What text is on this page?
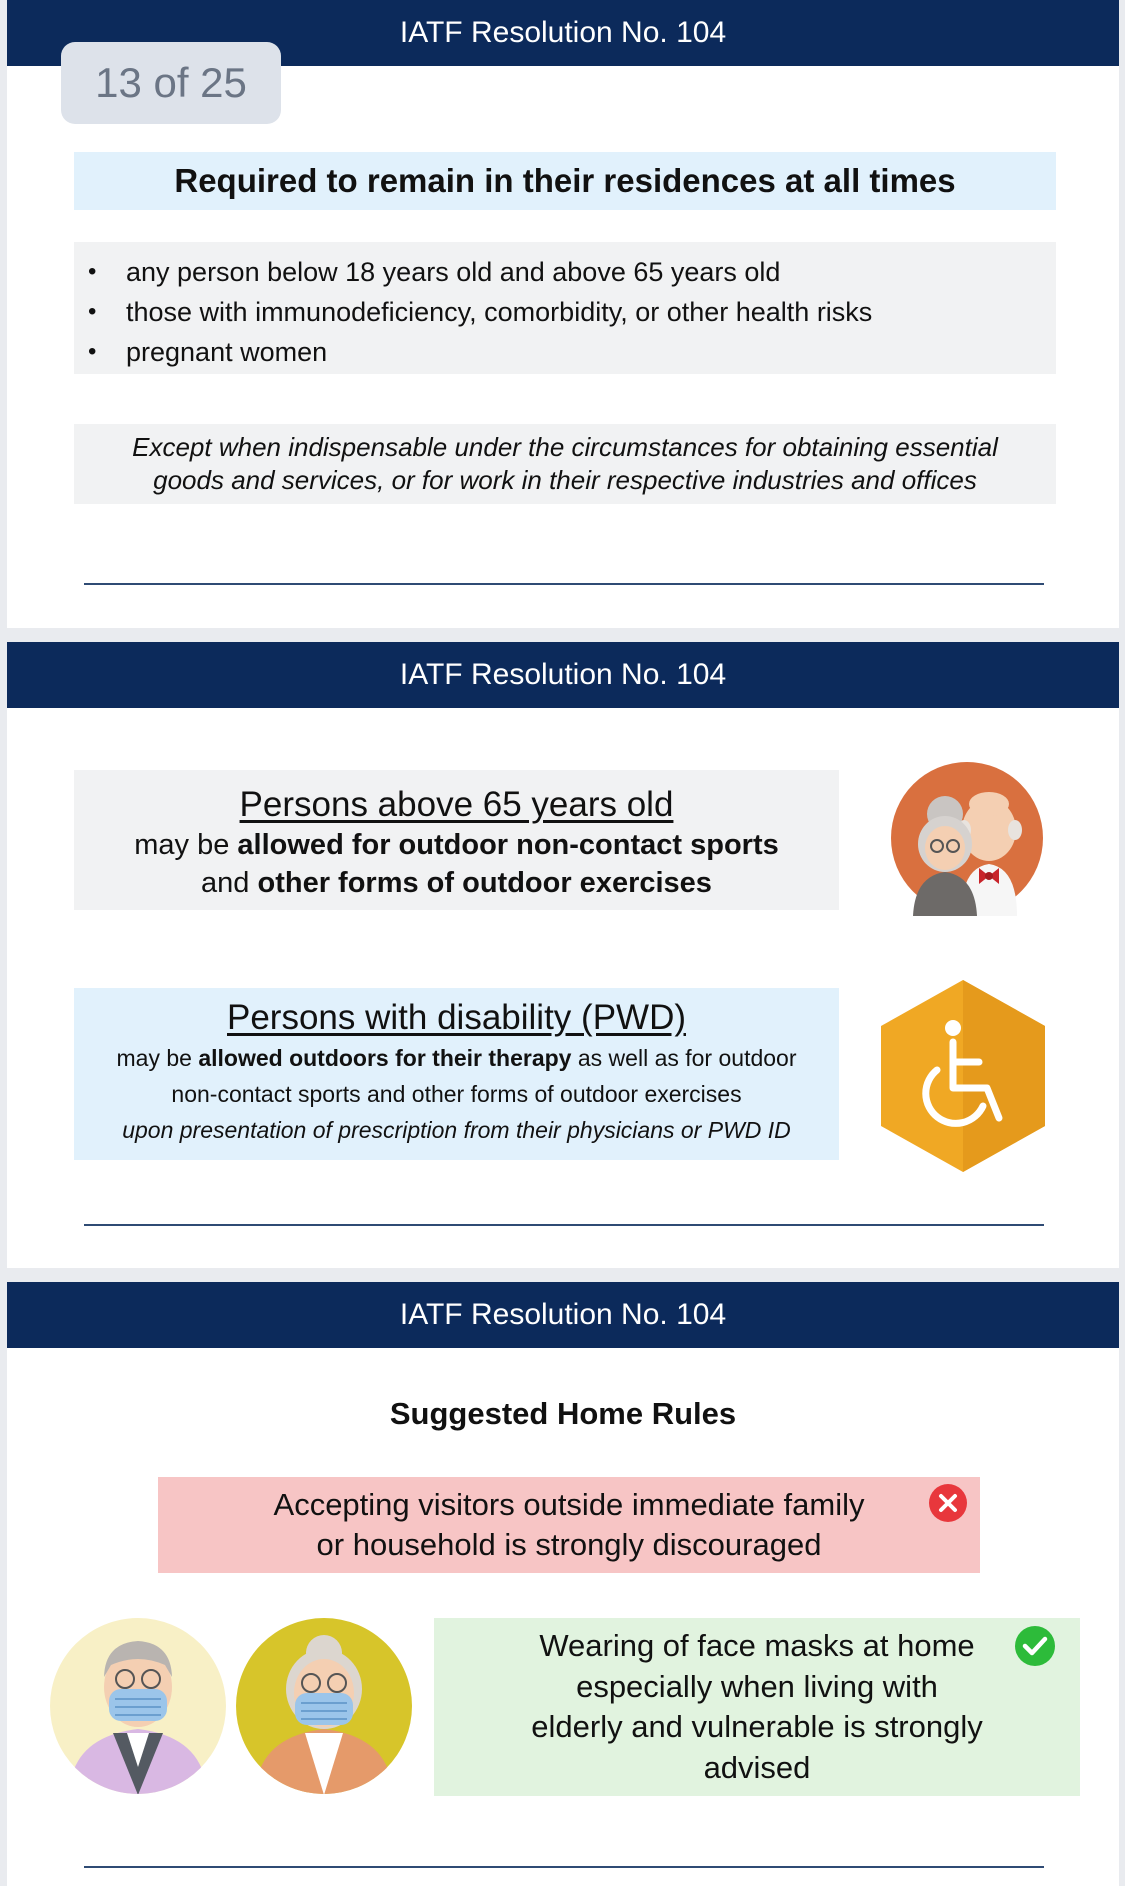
IATF Resolution No. 104
13 of 25
Required to remain in their residences at all times
• any person below 18 years old and above 65 years old
• those with immunodeficiency, comorbidity, or other health risks
• pregnant women
Except when indispensable under the circumstances for obtaining essential
goods and services, or for work in their respective industries and offices
IATF Resolution No. 104
Persons above 65 years old
may be allowed for outdoor non-contact sports
and other forms of outdoor exercises
Persons with disability (PWD)
may be allowed outdoors for their therapy as well as for outdoor
non-contact sports and other forms of outdoor exercises
upon presentation of prescription from their physicians or PWD ID
IATF Resolution No. 104
Suggested Home Rules
Accepting visitors outside immediate family
or household is strongly discouraged
Wearing of face masks at home
especially when living with
elderly and vulnerable is strongly
advised
